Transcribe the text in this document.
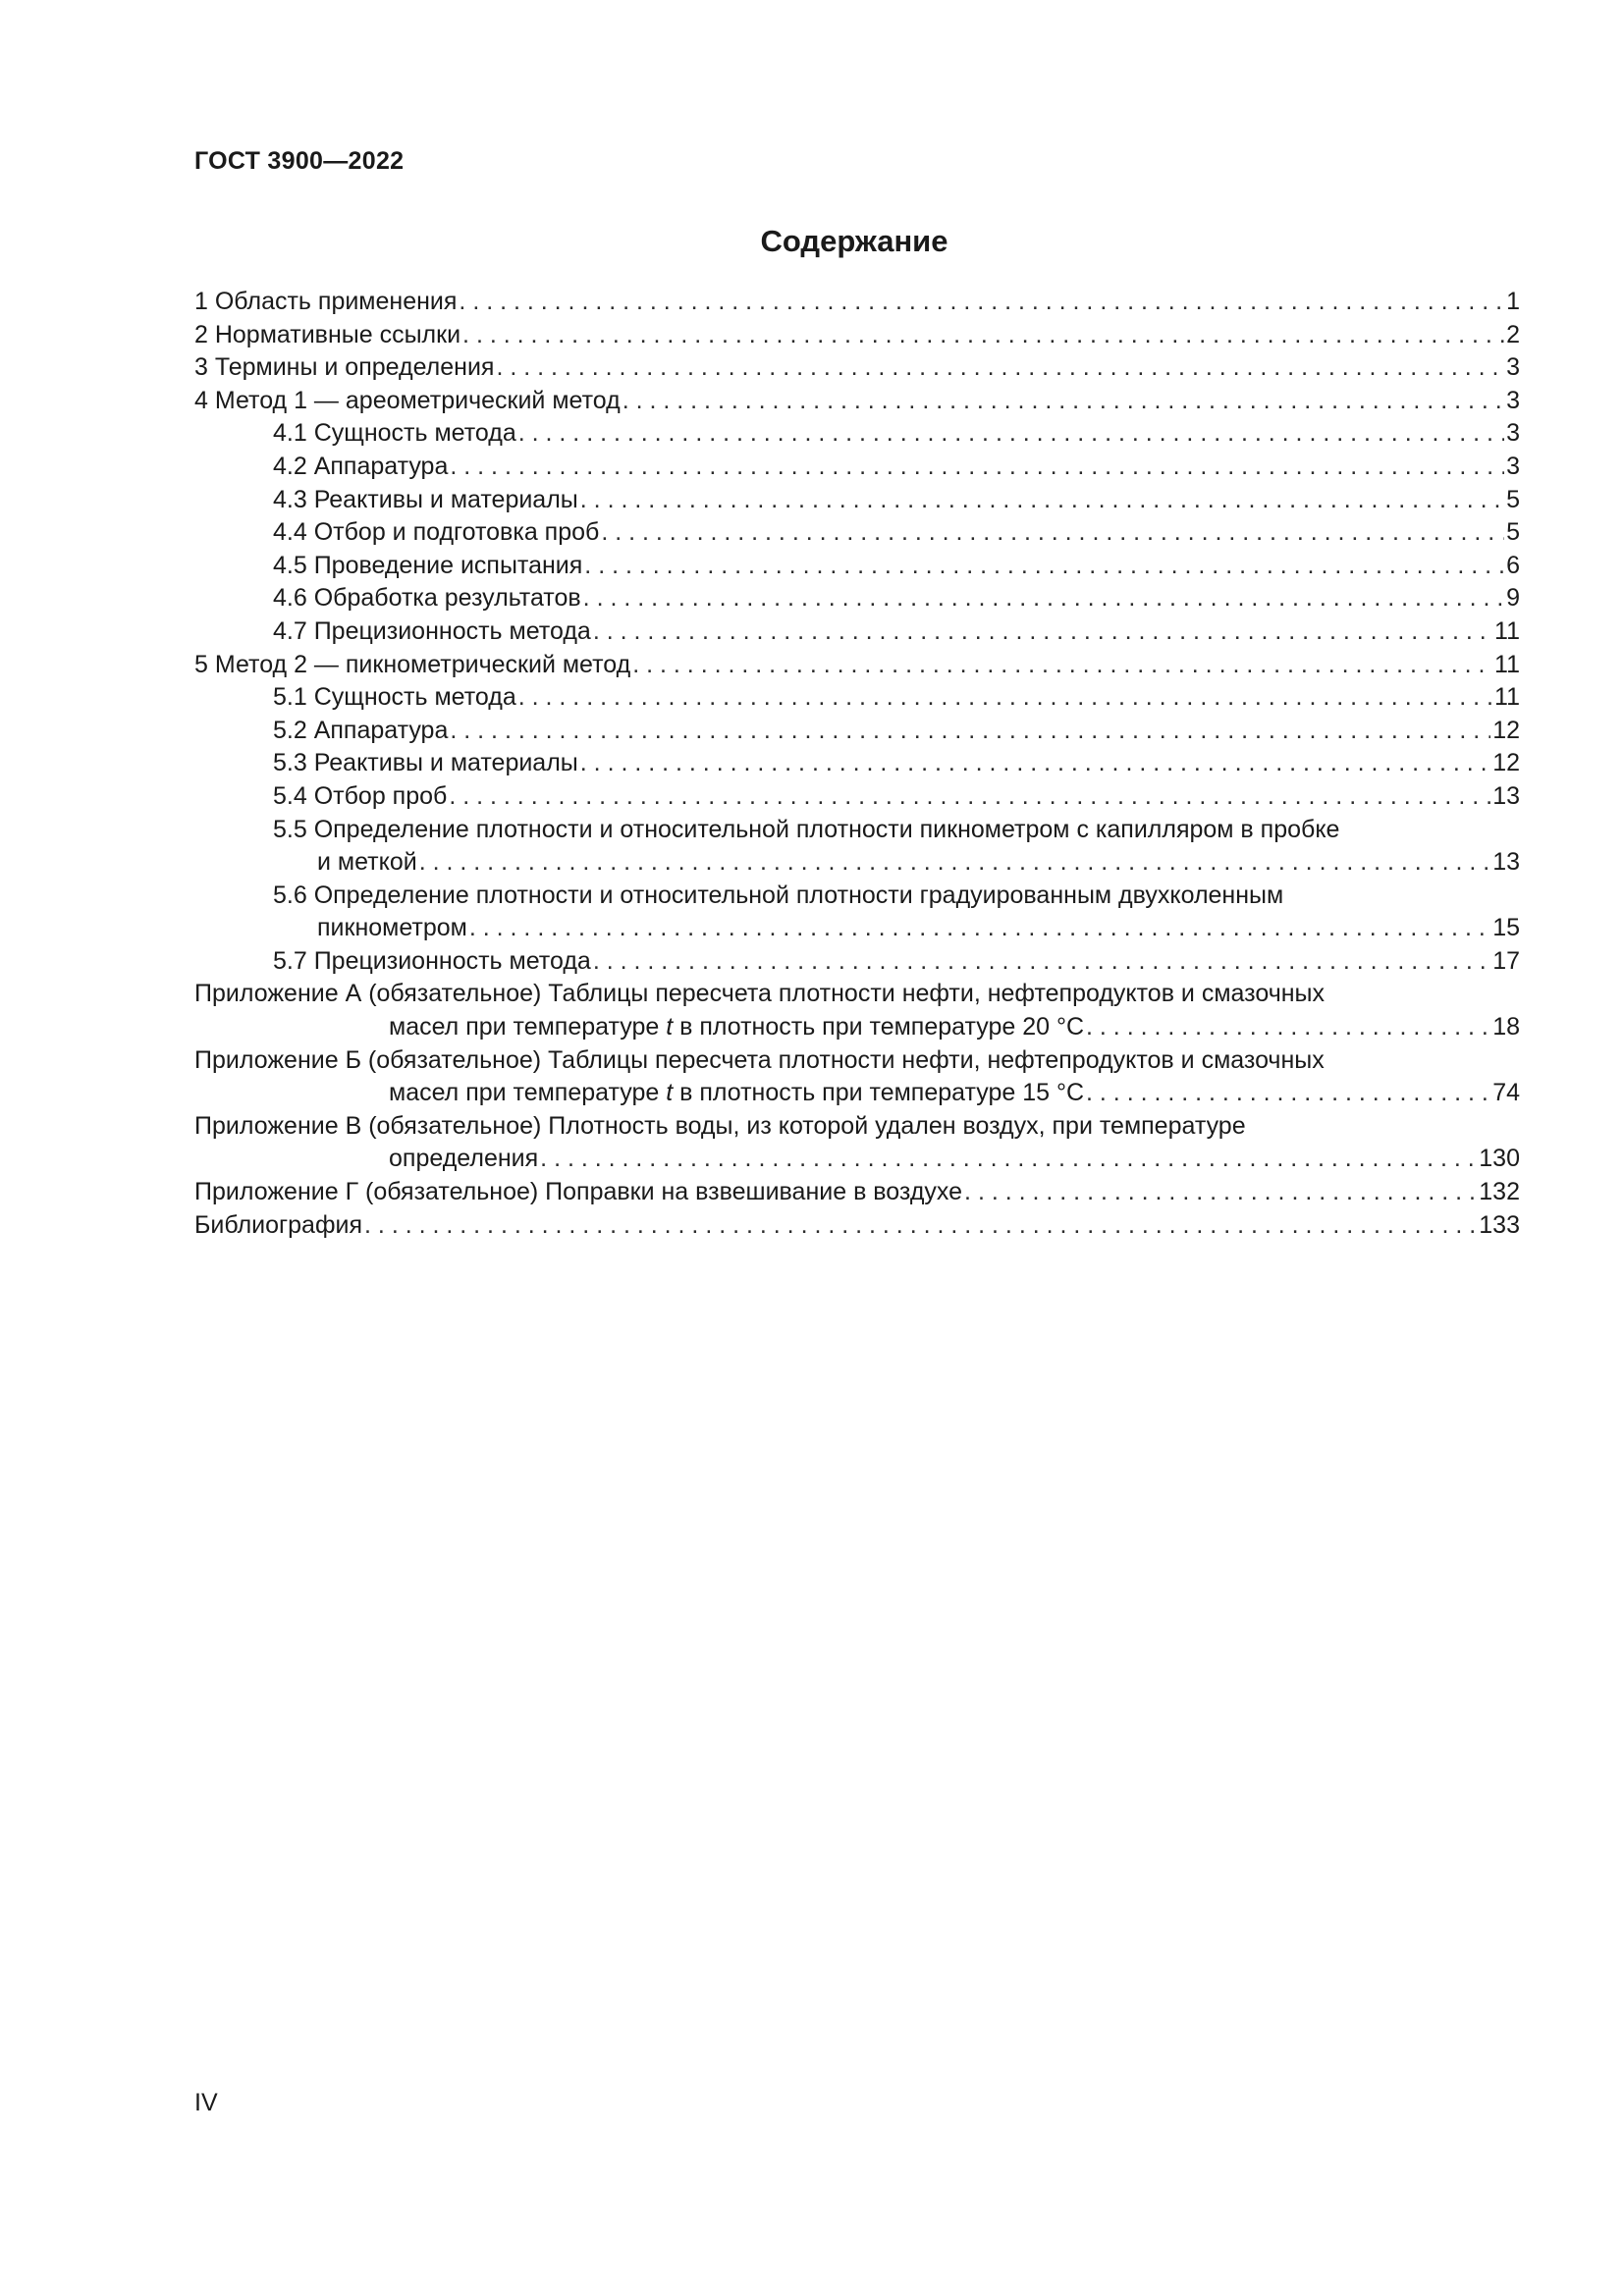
ГОСТ 3900—2022
Содержание
1 Область применения . . .	1
2 Нормативные ссылки . . .	2
3 Термины и определения . . .	3
4 Метод 1 — ареометрический метод . . .	3
4.1 Сущность метода . . .	3
4.2 Аппаратура . . .	3
4.3 Реактивы и материалы . . .	5
4.4 Отбор и подготовка проб . . .	5
4.5 Проведение испытания . . .	6
4.6 Обработка результатов . . .	9
4.7 Прецизионность метода . . .	11
5 Метод 2 — пикнометрический метод . . .	11
5.1 Сущность метода . . .	11
5.2 Аппаратура . . .	12
5.3 Реактивы и материалы . . .	12
5.4 Отбор проб . . .	13
5.5 Определение плотности и относительной плотности пикнометром с капилляром в пробке
и меткой . . .	13
5.6 Определение плотности и относительной плотности градуированным двухколенным
пикнометром . . .	15
5.7 Прецизионность метода . . .	17
Приложение А (обязательное) Таблицы пересчета плотности нефти, нефтепродуктов и смазочных
масел при температуре t в плотность при температуре 20 °С . . .	18
Приложение Б (обязательное) Таблицы пересчета плотности нефти, нефтепродуктов и смазочных
масел при температуре t в плотность при температуре 15 °С . . .	74
Приложение В (обязательное) Плотность воды, из которой удален воздух, при температуре
определения . . .	130
Приложение Г (обязательное) Поправки на взвешивание в воздухе . . .	132
Библиография . . .	133
IV
